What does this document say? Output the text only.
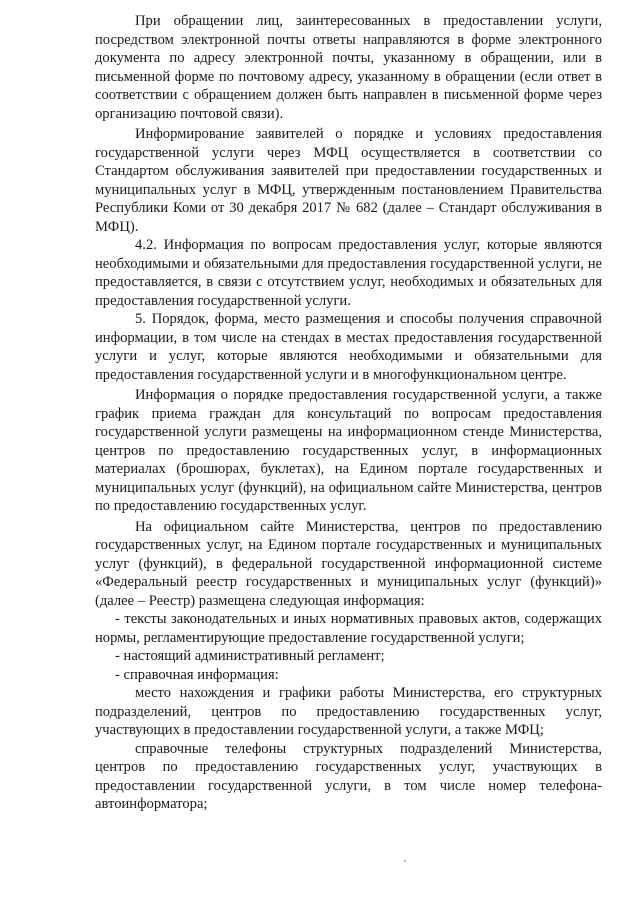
При обращении лиц, заинтересованных в предоставлении услуги, посредством электронной почты ответы направляются в форме электронного документа по адресу электронной почты, указанному в обращении, или в письменной форме по почтовому адресу, указанному в обращении (если ответ в соответствии с обращением должен быть направлен в письменной форме через организацию почтовой связи).

Информирование заявителей о порядке и условиях предоставления государственной услуги через МФЦ осуществляется в соответствии со Стандартом обслуживания заявителей при предоставлении государственных и муниципальных услуг в МФЦ, утвержденным постановлением Правительства Республики Коми от 30 декабря 2017 № 682 (далее – Стандарт обслуживания в МФЦ).

4.2. Информация по вопросам предоставления услуг, которые являются необходимыми и обязательными для предоставления государственной услуги, не предоставляется, в связи с отсутствием услуг, необходимых и обязательных для предоставления государственной услуги.

5. Порядок, форма, место размещения и способы получения справочной информации, в том числе на стендах в местах предоставления государственной услуги и услуг, которые являются необходимыми и обязательными для предоставления государственной услуги и в многофункциональном центре.

Информация о порядке предоставления государственной услуги, а также график приема граждан для консультаций по вопросам предоставления государственной услуги размещены на информационном стенде Министерства, центров по предоставлению государственных услуг, в информационных материалах (брошюрах, буклетах), на Едином портале государственных и муниципальных услуг (функций), на официальном сайте Министерства, центров по предоставлению государственных услуг.

На официальном сайте Министерства, центров по предоставлению государственных услуг, на Едином портале государственных и муниципальных услуг (функций), в федеральной государственной информационной системе «Федеральный реестр государственных и муниципальных услуг (функций)» (далее – Реестр) размещена следующая информация:

- тексты законодательных и иных нормативных правовых актов, содержащих нормы, регламентирующие предоставление государственной услуги;

- настоящий административный регламент;

- справочная информация:

место нахождения и графики работы Министерства, его структурных подразделений, центров по предоставлению государственных услуг, участвующих в предоставлении государственной услуги, а также МФЦ;

справочные телефоны структурных подразделений Министерства, центров по предоставлению государственных услуг, участвующих в предоставлении государственной услуги, в том числе номер телефона-автоинформатора;
